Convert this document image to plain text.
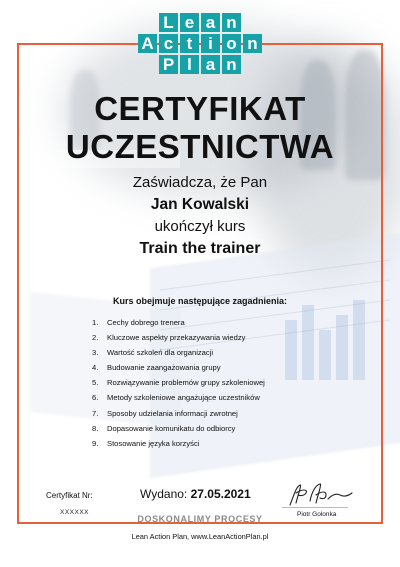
L e a n
A c t i o n
P l a n
CERTYFIKAT
UCZESTNICTWA
Zaświadcza, że Pan
Jan Kowalski
ukończył kurs
Train the trainer
Kurs obejmuje następujące zagadnienia:
1.	Cechy dobrego trenera
2.	Kluczowe aspekty przekazywania wiedzy
3.	Wartość szkoleń dla organizacji
4.	Budowanie zaangażowania grupy
5.	Rozwiązywanie problemów grupy szkoleniowej
6.	Metody szkoleniowe angażujące uczestników
7.	Sposoby udzielania informacji zwrotnej
8.	Dopasowanie komunikatu do odbiorcy
9.	Stosowanie języka korzyści
Certyfikat Nr:
XXXXXX
Wydano: 27.05.2021
DOSKONALIMY PROCESY	Piotr Golonka
Lean Action Plan, www.LeanActionPlan.pl
